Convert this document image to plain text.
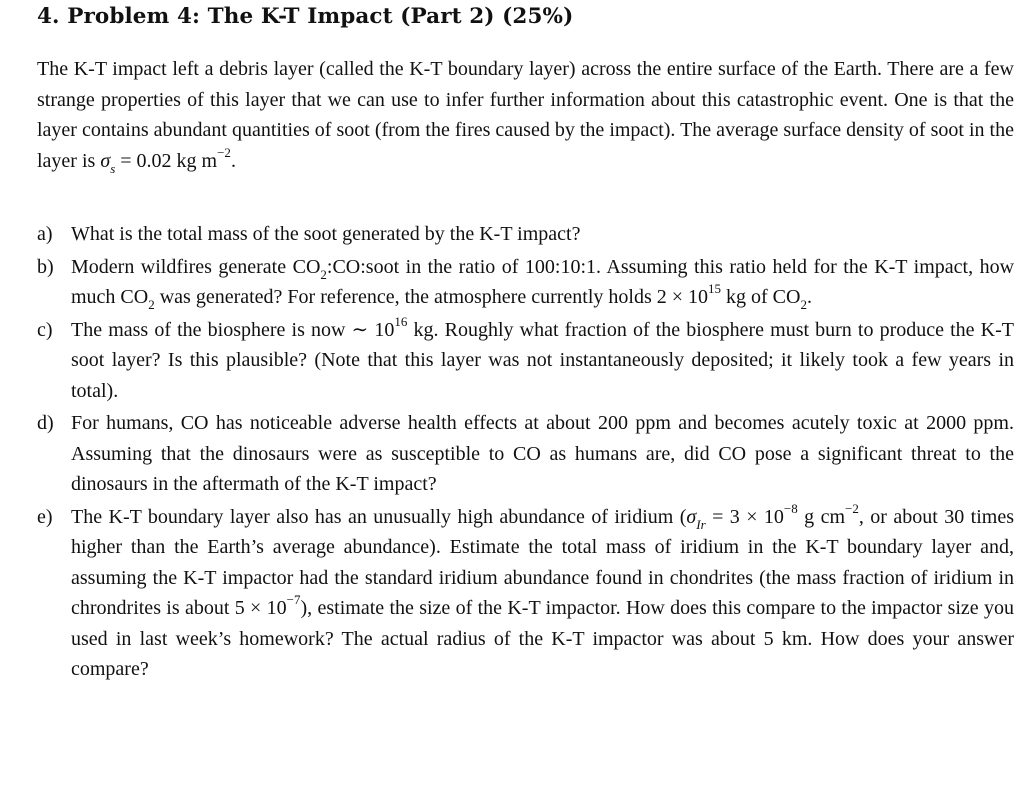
4. Problem 4: The K-T Impact (Part 2) (25%)

The K-T impact left a debris layer (called the K-T boundary layer) across the entire surface of the Earth. There are a few strange properties of this layer that we can use to infer further information about this catastrophic event. One is that the layer contains abundant quantities of soot (from the fires caused by the impact). The average surface density of soot in the layer is $\sigma_s = 0.02$ kg $m^{-2}$.

a) What is the total mass of the soot generated by the K-T impact?
b) Modern wildfires generate $CO_2:CO:soot$ in the ratio of 100:10:1. Assuming this ratio held for the K-T impact, how much $CO_2$ was generated? For reference, the atmosphere currently holds $2 \times 10^{15}$ kg of $CO_2$.
c) The mass of the biosphere is now ∼ $10^{16}$ kg. Roughly what fraction of the biosphere must burn to produce the K-T soot layer? Is this plausible? (Note that this layer was not instantaneously deposited; it likely took a few years in total).
d) For humans, CO has noticeable adverse health effects at about 200 ppm and becomes acutely toxic at 2000 ppm. Assuming that the dinosaurs were as susceptible to CO as humans are, did CO pose a significant threat to the dinosaurs in the aftermath of the K-T impact?
e) The K-T boundary layer also has an unusually high abundance of iridium ($\sigma_{Ir} = 3 \times 10^{-8}$ g $cm^{-2}$, or about 30 times higher than the Earth’s average abundance). Estimate the total mass of iridium in the K-T boundary layer and, assuming the K-T impactor had the standard iridium abundance found in chondrites (the mass fraction of iridium in chrondrites is about $5 \times 10^{-7}$), estimate the size of the K-T impactor. How does this compare to the impactor size you used in last week’s homework? The actual radius of the K-T impactor was about 5 km. How does your answer compare?
